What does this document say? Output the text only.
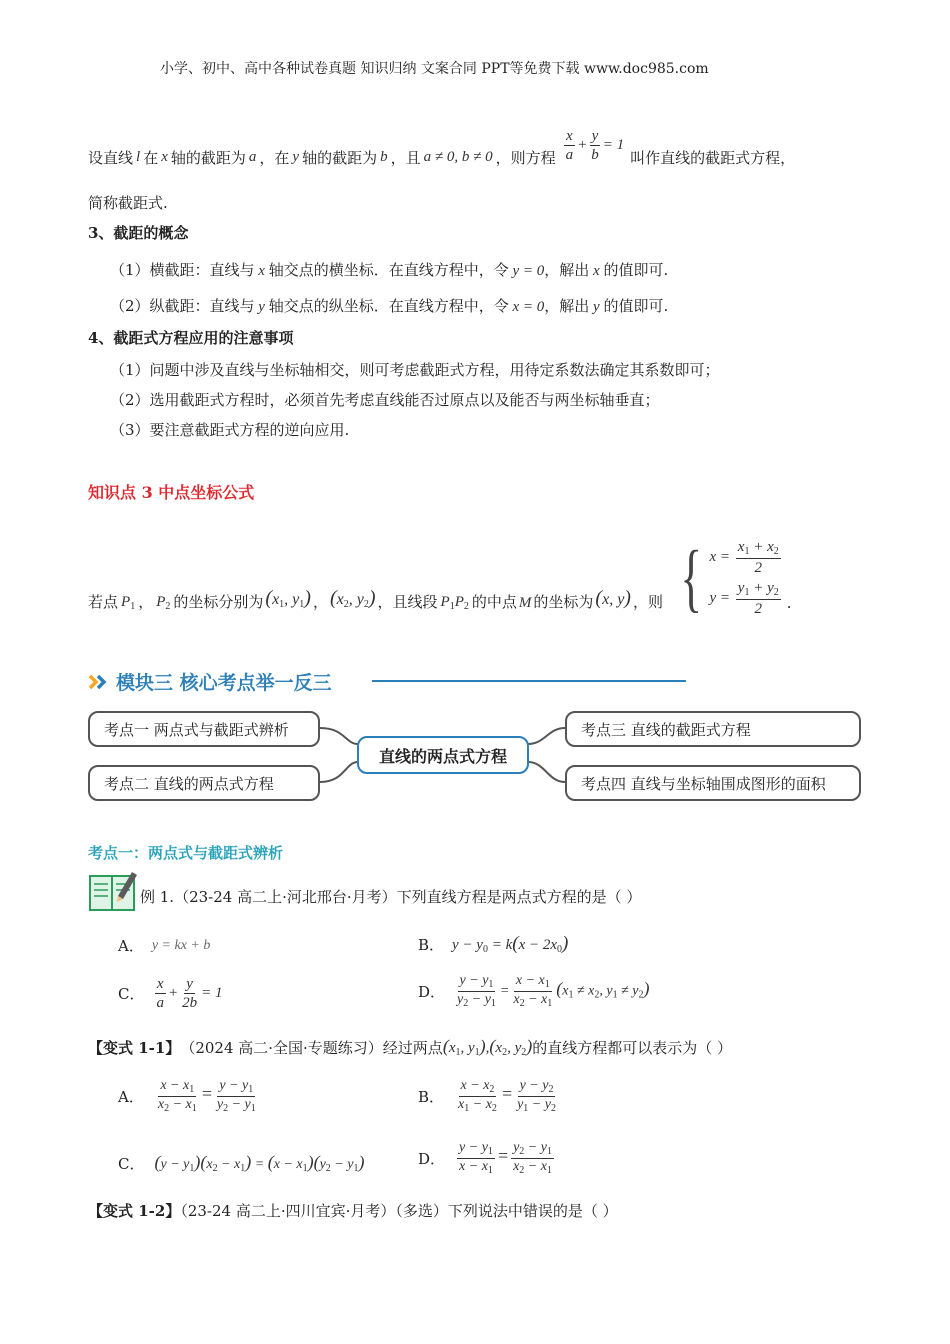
小学、初中、高中各种试卷真题 知识归纳 文案合同 PPT等免费下载 www.doc985.com
设直线 l 在 x 轴的截距为 a ，在 y 轴的截距为 b ，且 a ≠ 0, b ≠ 0 ，则方程 $\frac{x}{a} + \frac{y}{b} = 1$
叫作直线的截距式方程，
简称截距式.
3、截距的概念
（1）横截距：直线与 x 轴交点的横坐标．在直线方程中，令 y = 0，解出 x 的值即可.
（2）纵截距：直线与 y 轴交点的纵坐标．在直线方程中，令 x = 0，解出 y 的值即可.
4、截距式方程应用的注意事项
（1）问题中涉及直线与坐标轴相交，则可考虑截距式方程，用待定系数法确定其系数即可；
（2）选用截距式方程时，必须首先考虑直线能否过原点以及能否与两坐标轴垂直；
（3）要注意截距式方程的逆向应用.
知识点 3 中点坐标公式
若点 $P_1$ ， $P_2$ 的坐标分别为 ($x_1$, $y_1$) ， ($x_2$, $y_2$) ，且线段 $P_1P_2$ 的中点 M 的坐标为 (x, y) ，则 { $x = \frac{x_1 + x_2}{2}$
$y = \frac{y_1 + y_2}{2}$ .
模块三 核心考点举一反三
考点一 两点式与截距式辨析
考点二 直线的两点式方程
考点三 直线的截距式方程
考点四 直线与坐标轴围成图形的面积
直线的两点式方程
考点一：两点式与截距式辨析
例 1.（23-24 高二上·河北邢台·月考）下列直线方程是两点式方程的是（ ）
A． y = kx + b	B． $y - y_0 = k(x - 2x_0)$
C． $\frac{x}{a} + \frac{y}{2b} = 1$	D． $\frac{y - y_1}{y_2 - y_1} = \frac{x - x_1}{x_2 - x_1} (x_1 \ne x_2$, $y_1 \ne y_2$)
【变式 1-1】 （2024 高二·全国·专题练习）经过两点 ($x_1$, $y_1),(x_2$, $y_2$) 的直线方程都可以表示为（ ）
A． $\frac{x - x_1}{x_2 - x_1} = \frac{y - y_1}{y_2 - y_1}$	B． $\frac{x - x_2}{x_1 - x_2} = \frac{y - y_2}{y_1 - y_2}$
C． $(y - y_1)(x_2 - x_1) = (x - x_1)(y_2 - y_1)$	D． $\frac{y - y_1}{x - x_1} = \frac{y_2 - y_1}{x_2 - x_1}$
【变式 1-2】（23-24 高二上·四川宜宾·月考）（多选）下列说法中错误的是（ ）
